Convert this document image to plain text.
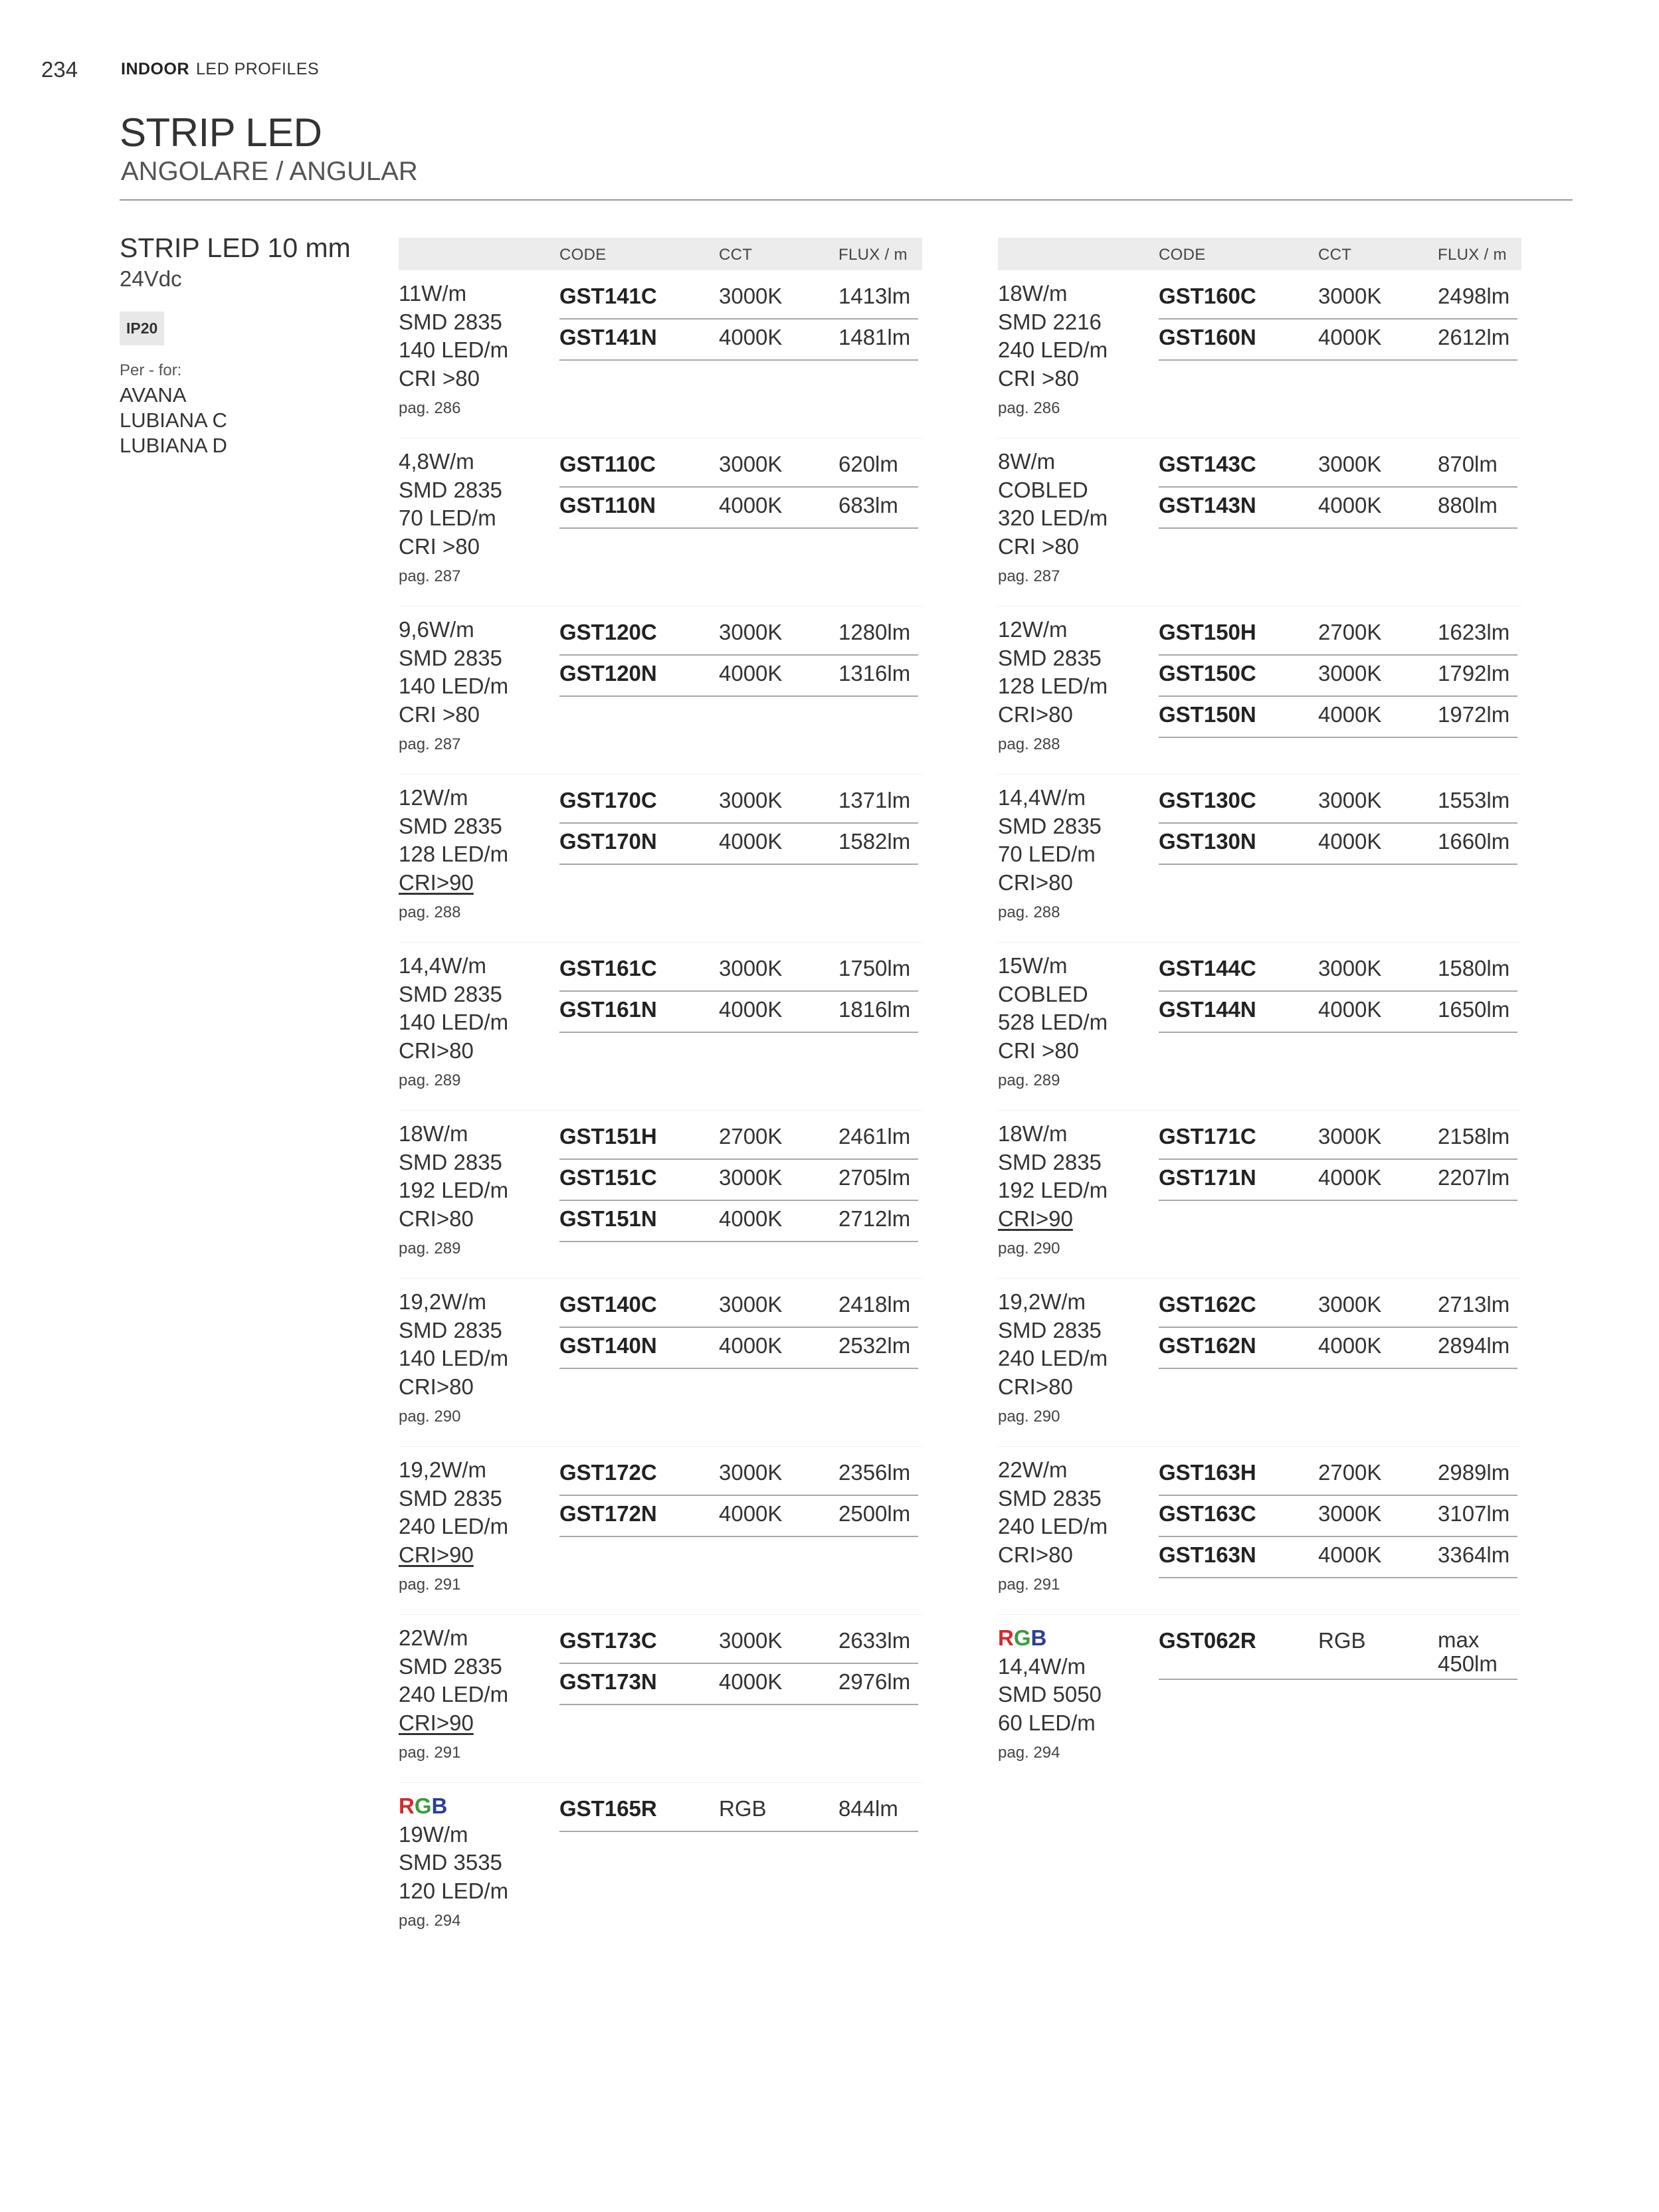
234	INDOOR LED PROFILES
STRIP LED
ANGOLARE / ANGULAR
STRIP LED 10 mm
24Vdc
IP20
Per - for:
AVANA
LUBIANA C
LUBIANA D
CODE	CCT	FLUX / m
11W/m
SMD 2835
140 LED/m
CRI >80
pag. 286
GST141C	3000K	1413lm
GST141N	4000K	1481lm
4,8W/m
SMD 2835
70 LED/m
CRI >80
pag. 287
GST110C	3000K	620lm
GST110N	4000K	683lm
9,6W/m
SMD 2835
140 LED/m
CRI >80
pag. 287
GST120C	3000K	1280lm
GST120N	4000K	1316lm
12W/m
SMD 2835
128 LED/m
CRI>90
pag. 288
GST170C	3000K	1371lm
GST170N	4000K	1582lm
14,4W/m
SMD 2835
140 LED/m
CRI>80
pag. 289
GST161C	3000K	1750lm
GST161N	4000K	1816lm
18W/m
SMD 2835
192 LED/m
CRI>80
pag. 289
GST151H	2700K	2461lm
GST151C	3000K	2705lm
GST151N	4000K	2712lm
19,2W/m
SMD 2835
140 LED/m
CRI>80
pag. 290
GST140C	3000K	2418lm
GST140N	4000K	2532lm
19,2W/m
SMD 2835
240 LED/m
CRI>90
pag. 291
GST172C	3000K	2356lm
GST172N	4000K	2500lm
22W/m
SMD 2835
240 LED/m
CRI>90
pag. 291
GST173C	3000K	2633lm
GST173N	4000K	2976lm
RGB
19W/m
SMD 3535
120 LED/m
pag. 294
GST165R	RGB	844lm
CODE	CCT	FLUX / m
18W/m
SMD 2216
240 LED/m
CRI >80
pag. 286
GST160C	3000K	2498lm
GST160N	4000K	2612lm
8W/m
COBLED
320 LED/m
CRI >80
pag. 287
GST143C	3000K	870lm
GST143N	4000K	880lm
12W/m
SMD 2835
128 LED/m
CRI>80
pag. 288
GST150H	2700K	1623lm
GST150C	3000K	1792lm
GST150N	4000K	1972lm
14,4W/m
SMD 2835
70 LED/m
CRI>80
pag. 288
GST130C	3000K	1553lm
GST130N	4000K	1660lm
15W/m
COBLED
528 LED/m
CRI >80
pag. 289
GST144C	3000K	1580lm
GST144N	4000K	1650lm
18W/m
SMD 2835
192 LED/m
CRI>90
pag. 290
GST171C	3000K	2158lm
GST171N	4000K	2207lm
19,2W/m
SMD 2835
240 LED/m
CRI>80
pag. 290
GST162C	3000K	2713lm
GST162N	4000K	2894lm
22W/m
SMD 2835
240 LED/m
CRI>80
pag. 291
GST163H	2700K	2989lm
GST163C	3000K	3107lm
GST163N	4000K	3364lm
RGB
14,4W/m
SMD 5050
60 LED/m
pag. 294
GST062R	RGB	max 450lm
